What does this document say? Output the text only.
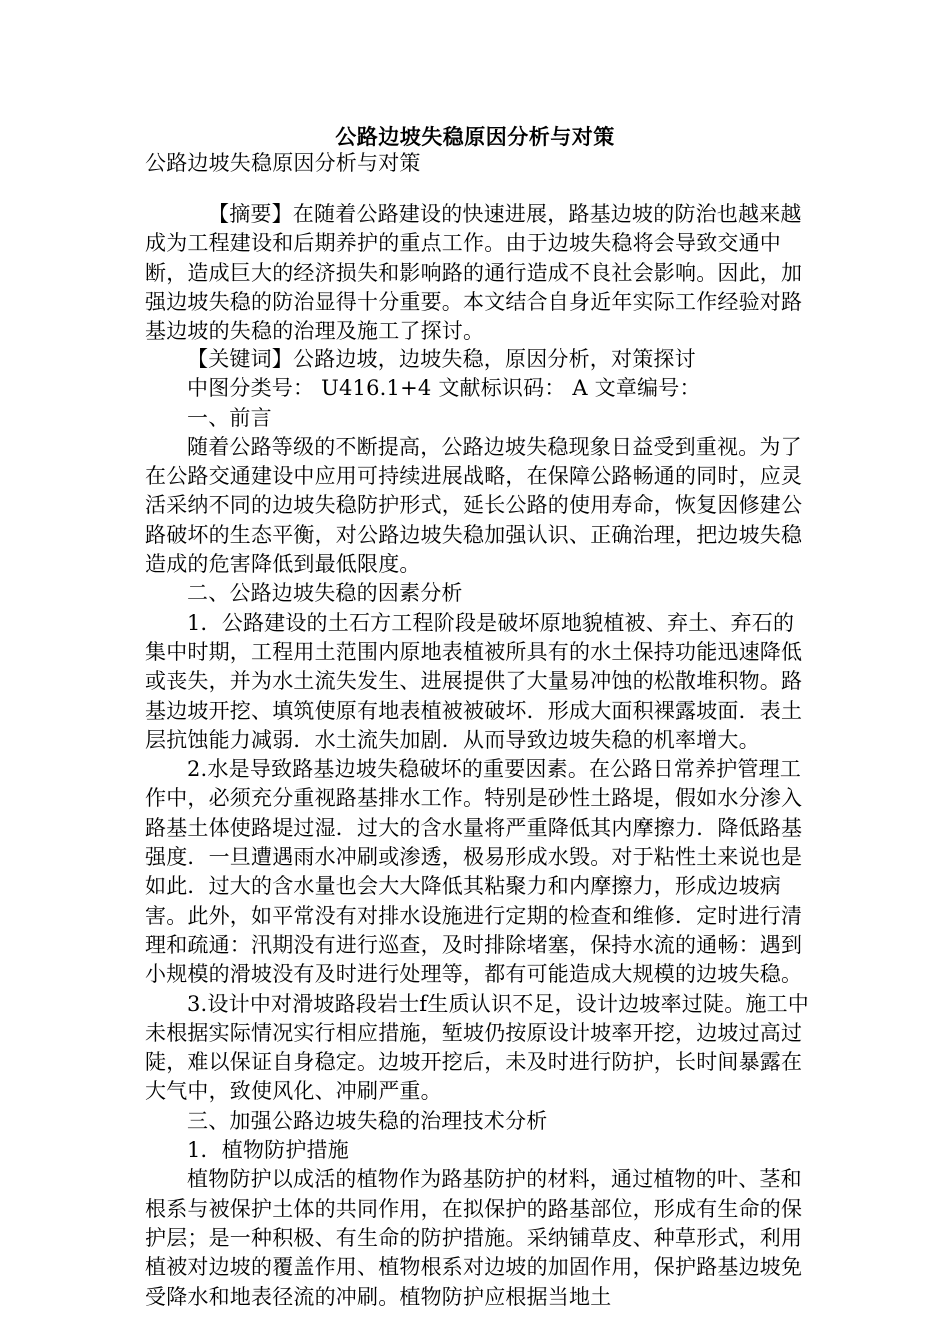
公路边坡失稳原因分析与对策

公路边坡失稳原因分析与对策

【摘要】在随着公路建设的快速进展，路基边坡的防治也越来越成为工程建设和后期养护的重点工作。由于边坡失稳将会导致交通中断，造成巨大的经济损失和影响路的通行造成不良社会影响。因此，加强边坡失稳的防治显得十分重要。本文结合自身近年实际工作经验对路基边坡的失稳的治理及施工了探讨。

【关键词】公路边坡，边坡失稳，原因分析，对策探讨

中图分类号： U416.1+4 文献标识码： A 文章编号：

一、前言

随着公路等级的不断提高，公路边坡失稳现象日益受到重视。为了在公路交通建设中应用可持续进展战略，在保障公路畅通的同时，应灵活采纳不同的边坡失稳防护形式，延长公路的使用寿命，恢复因修建公路破坏的生态平衡，对公路边坡失稳加强认识、正确治理，把边坡失稳造成的危害降低到最低限度。

二、公路边坡失稳的因素分析

1．公路建设的土石方工程阶段是破坏原地貌植被、弃土、弃石的集中时期，工程用土范围内原地表植被所具有的水土保持功能迅速降低或丧失，并为水土流失发生、进展提供了大量易冲蚀的松散堆积物。路基边坡开挖、填筑使原有地表植被被破坏．形成大面积裸露坡面．表土层抗蚀能力减弱．水土流失加剧．从而导致边坡失稳的机率增大。

2.水是导致路基边坡失稳破坏的重要因素。在公路日常养护管理工作中，必须充分重视路基排水工作。特别是砂性土路堤，假如水分渗入路基土体使路堤过湿．过大的含水量将严重降低其内摩擦力．降低路基强度．一旦遭遇雨水冲刷或渗透，极易形成水毁。对于粘性土来说也是如此．过大的含水量也会大大降低其粘聚力和内摩擦力，形成边坡病害。此外，如平常没有对排水设施进行定期的检查和维修．定时进行清理和疏通：汛期没有进行巡查，及时排除堵塞，保持水流的通畅：遇到小规模的滑坡没有及时进行处理等，都有可能造成大规模的边坡失稳。

3.设计中对滑坡路段岩士f生质认识不足，设计边坡率过陡。施工中未根据实际情况实行相应措施，堑坡仍按原设计坡率开挖，边坡过高过陡，难以保证自身稳定。边坡开挖后，未及时进行防护，长时间暴露在大气中，致使风化、冲刷严重。

三、加强公路边坡失稳的治理技术分析

1．植物防护措施

植物防护以成活的植物作为路基防护的材料，通过植物的叶、茎和根系与被保护土体的共同作用，在拟保护的路基部位，形成有生命的保护层；是一种积极、有生命的防护措施。采纳铺草皮、种草形式，利用植被对边坡的覆盖作用、植物根系对边坡的加固作用，保护路基边坡免受降水和地表径流的冲刷。植物防护应根据当地土
